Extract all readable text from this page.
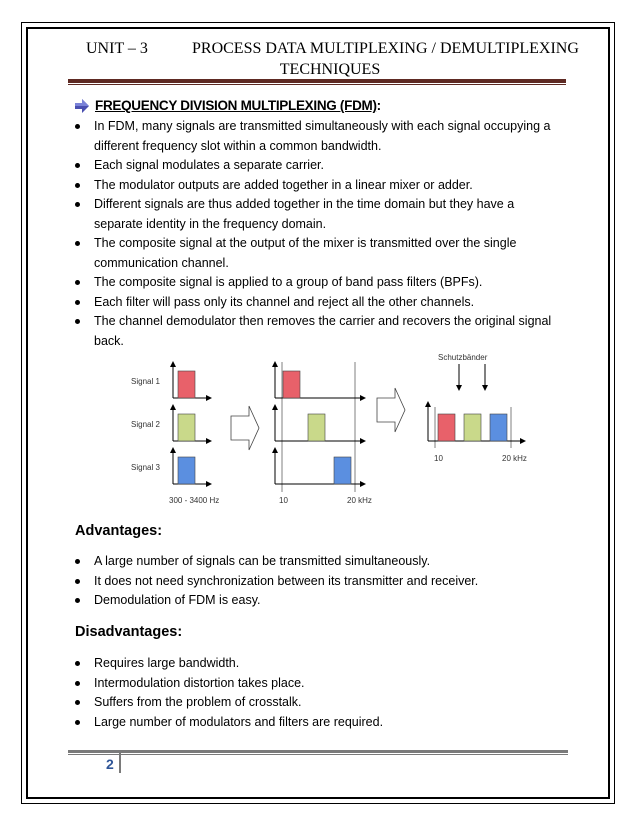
UNIT – 3	PROCESS DATA MULTIPLEXING / DEMULTIPLEXING
TECHNIQUES
FREQUENCY DIVISION MULTIPLEXING (FDM):
In FDM, many signals are transmitted simultaneously with each signal occupying a different frequency slot within a common bandwidth.
Each signal modulates a separate carrier.
The modulator outputs are added together in a linear mixer or adder.
Different signals are thus added together in the time domain but they have a separate identity in the frequency domain.
The composite signal at the output of the mixer is transmitted over the single communication channel.
The composite signal is applied to a group of band pass filters (BPFs).
Each filter will pass only its channel and reject all the other channels.
The channel demodulator then removes the carrier and recovers the original signal back.
Signal 1
Signal 2
Signal 3
300 - 3400 Hz	10	20 kHz
Schutzbänder
10	20 kHz
Advantages:
A large number of signals can be transmitted simultaneously.
It does not need synchronization between its transmitter and receiver.
Demodulation of FDM is easy.
Disadvantages:
Requires large bandwidth.
Intermodulation distortion takes place.
Suffers from the problem of crosstalk.
Large number of modulators and filters are required.
2
